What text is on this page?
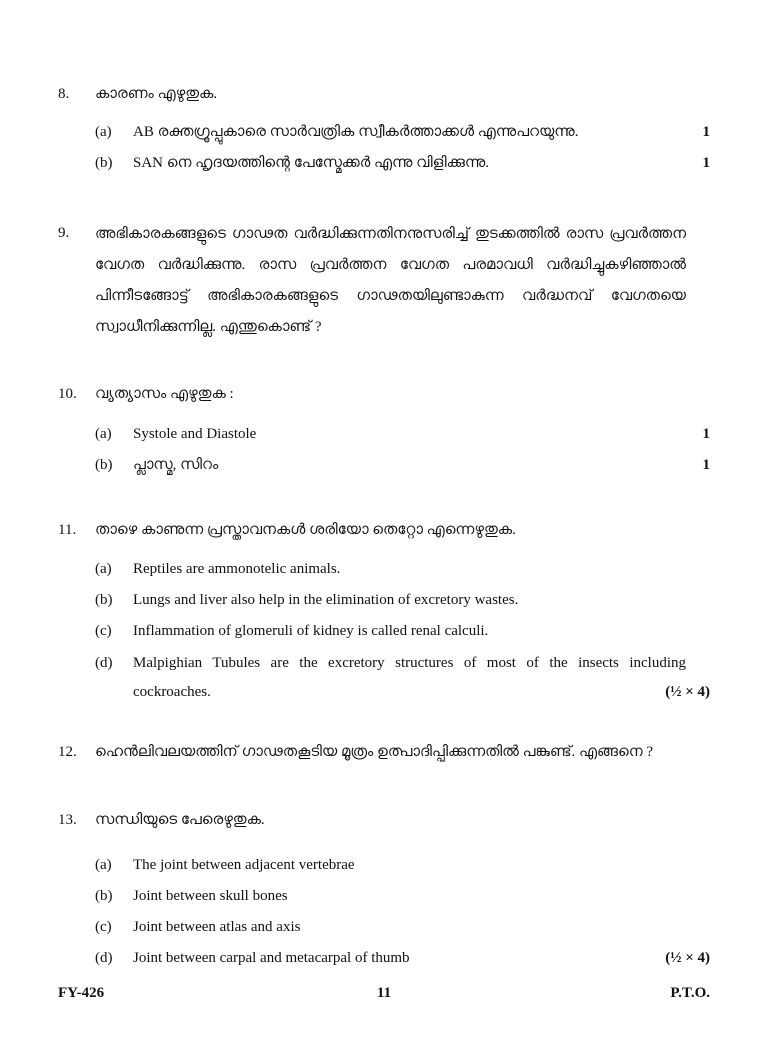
8. കാരണം എഴുതുക.
(a) AB രക്തഗ്രൂപ്പുകാരെ സാർവത്രിക സ്വീകർത്താക്കൾ എന്നുപറയുന്നു.	1
(b) SAN നെ ഹൃദയത്തിന്റെ പേസ്മേക്കർ എന്നു വിളിക്കുന്നു.	1
9. അഭികാരകങ്ങളുടെ ഗാഢത വർദ്ധിക്കുന്നതിനനുസരിച്ച് തുടക്കത്തിൽ രാസ പ്രവർത്തന വേഗത വർദ്ധിക്കുന്നു. രാസ പ്രവർത്തന വേഗത പരമാവധി വർദ്ധിച്ചുകഴിഞ്ഞാൽ പിന്നീടങ്ങോട്ട് അഭികാരകങ്ങളുടെ ഗാഢതയിലുണ്ടാകുന്ന വർദ്ധനവ് വേഗതയെ സ്വാധീനിക്കുന്നില്ല. എന്തുകൊണ്ട് ?
10. വ്യത്യാസം എഴുതുക :
(a) Systole and Diastole	1
(b) പ്ലാസ്മ, സിറം	1
11. താഴെ കാണുന്ന പ്രസ്താവനകൾ ശരിയോ തെറ്റോ എന്നെഴുതുക.
(a) Reptiles are ammonotelic animals.
(b) Lungs and liver also help in the elimination of excretory wastes.
(c) Inflammation of glomeruli of kidney is called renal calculi.
(d) Malpighian Tubules are the excretory structures of most of the insects including cockroaches.	(½ × 4)
12. ഹെൻലിവലയത്തിന് ഗാഢതകൂടിയ മൂത്രം ഉത്പാദിപ്പിക്കുന്നതിൽ പങ്കുണ്ട്. എങ്ങനെ ?
13. സന്ധിയുടെ പേരെഴുതുക.
(a) The joint between adjacent vertebrae
(b) Joint between skull bones
(c) Joint between atlas and axis
(d) Joint between carpal and metacarpal of thumb	(½ × 4)
FY-426	11	P.T.O.
